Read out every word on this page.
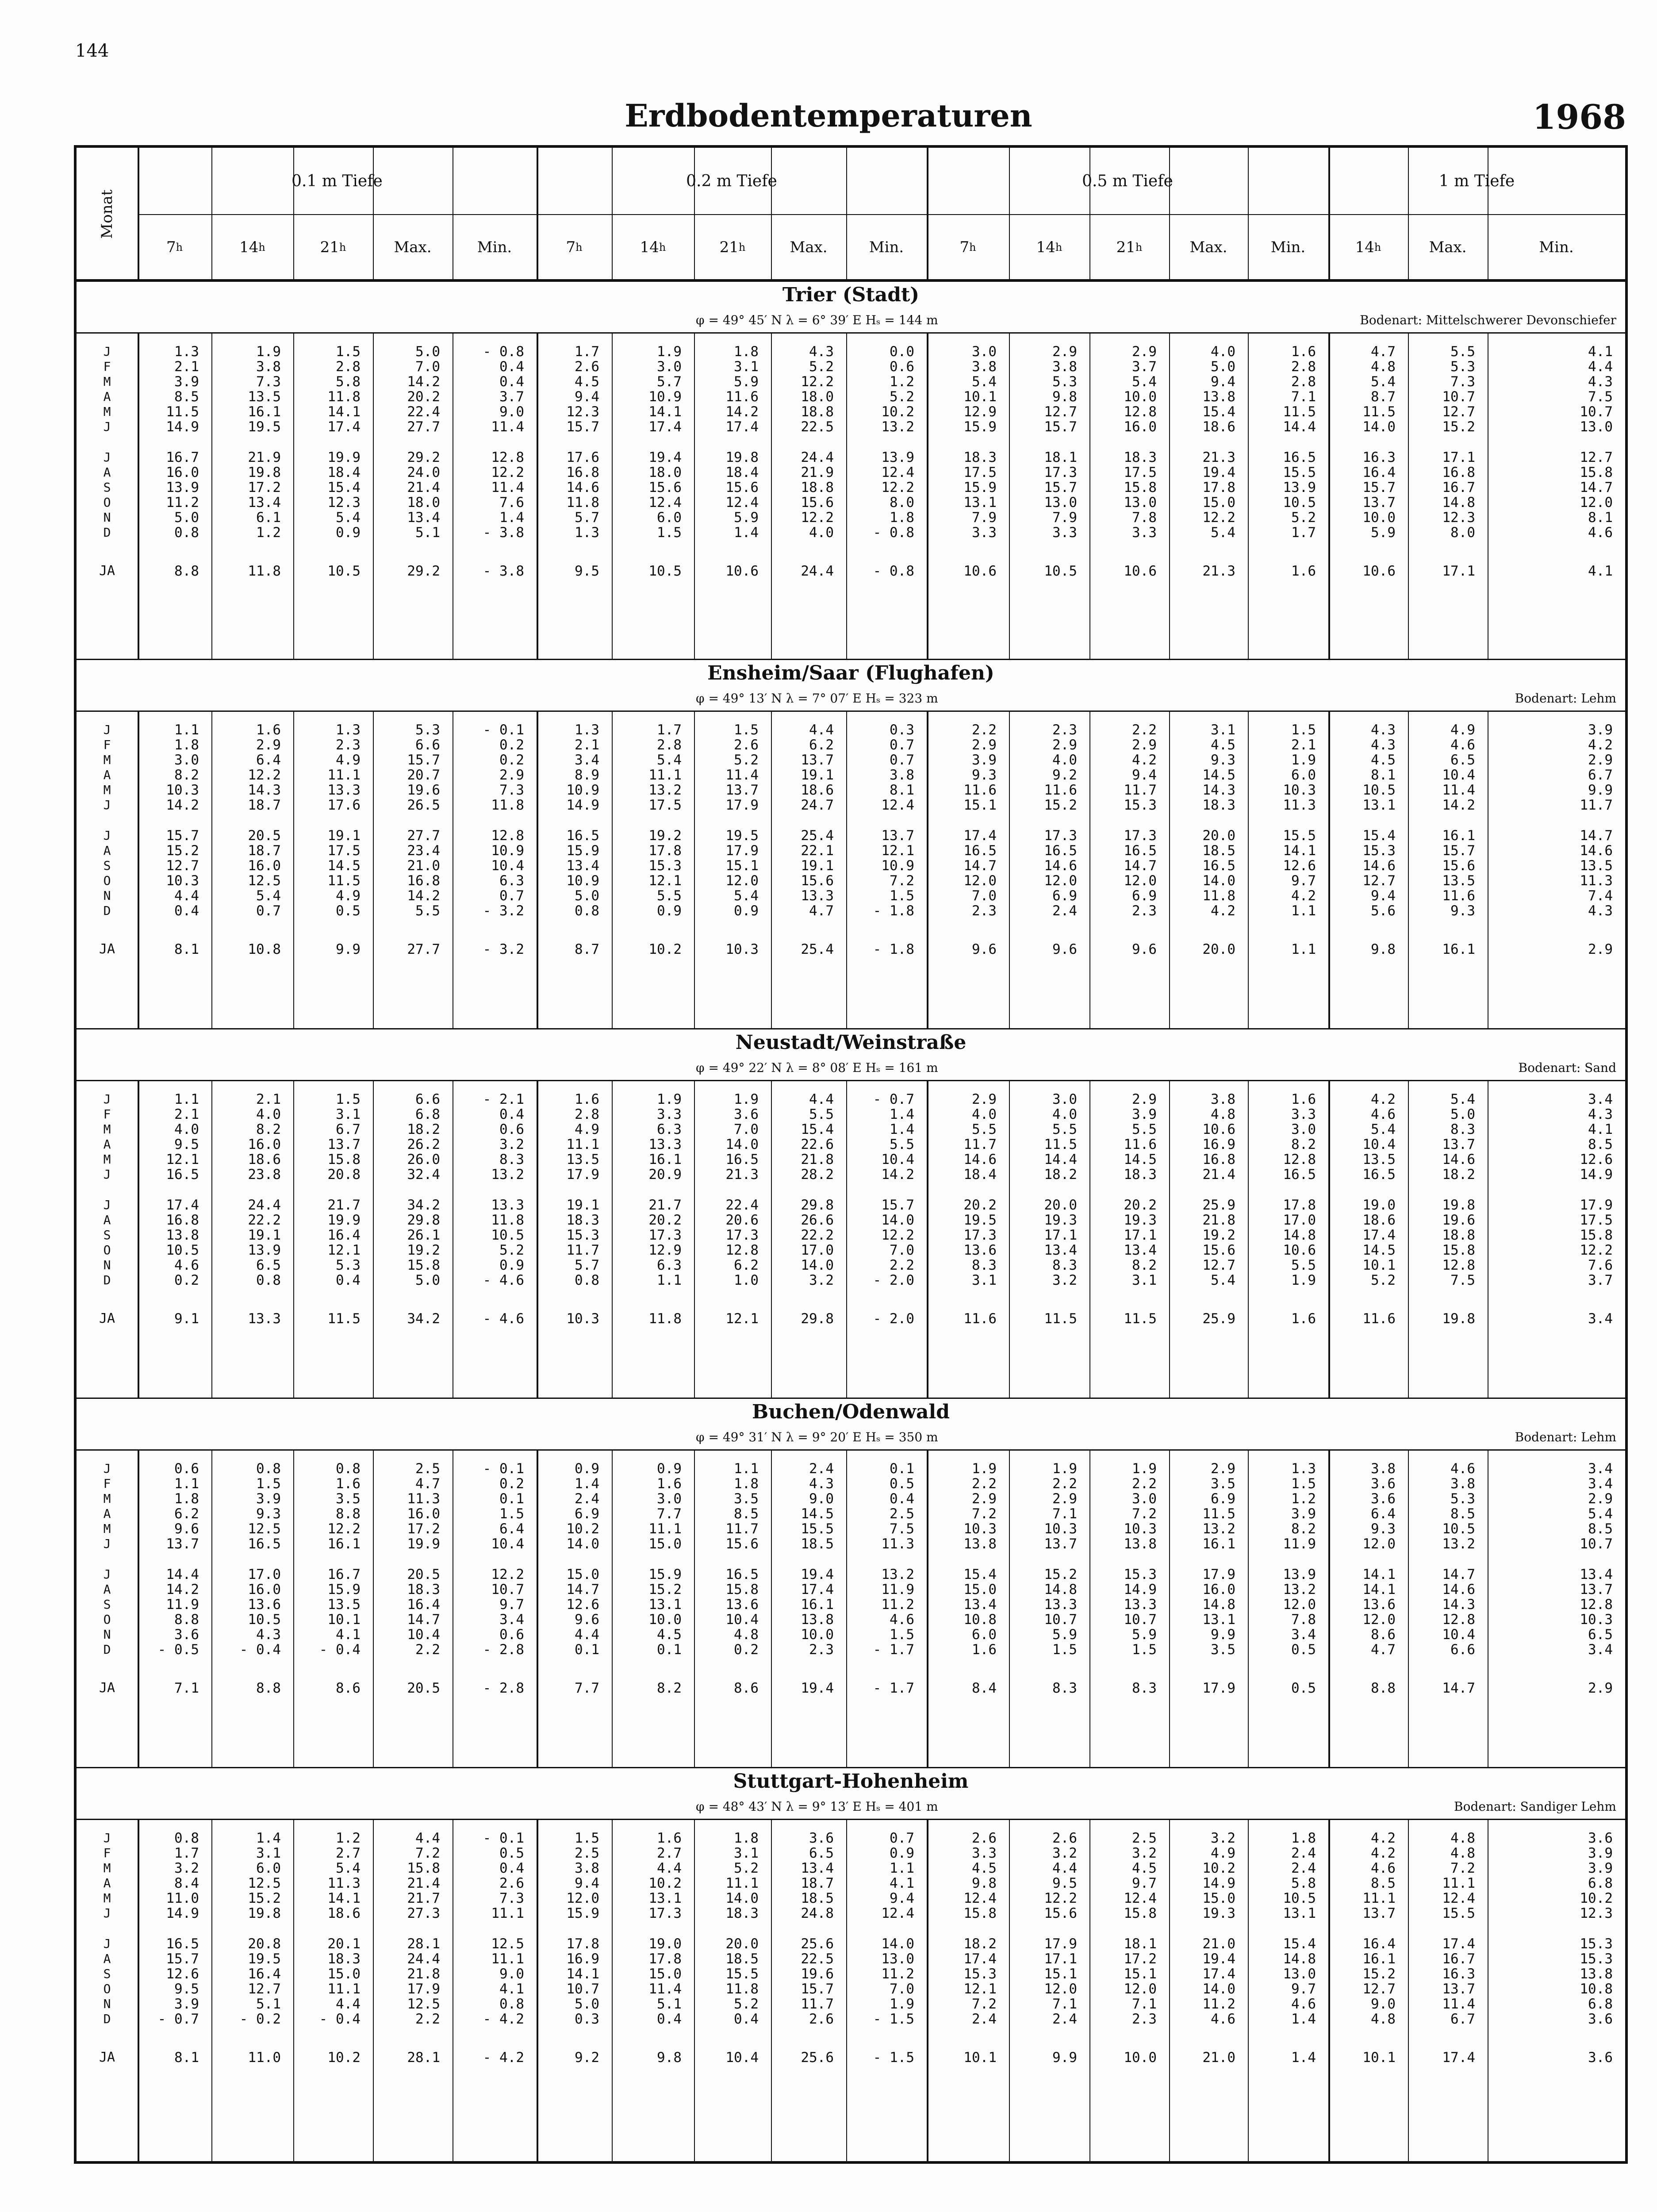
144
Erdbodentemperaturen	1968
Monat
0.1 m Tiefe	0.2 m Tiefe	0.5 m Tiefe	1 m Tiefe
7 h	14 h	21 h	Max.	Min.	7 h	14 h	21 h	Max.	Min.	7 h	14 h	21 h	Max.	Min.	14 h	Max.	Min.
Trier (Stadt)
φ = 49° 45′ N λ = 6° 39′ E Hₛ = 144 m	Bodenart: Mittelschwerer Devonschiefer
J	1.3	1.9	1.5	5.0	- 0.8	1.7	1.9	1.8	4.3	0.0	3.0	2.9	2.9	4.0	1.6	4.7	5.5	4.1
F	2.1	3.8	2.8	7.0	0.4	2.6	3.0	3.1	5.2	0.6	3.8	3.8	3.7	5.0	2.8	4.8	5.3	4.4
M	3.9	7.3	5.8	14.2	0.4	4.5	5.7	5.9	12.2	1.2	5.4	5.3	5.4	9.4	2.8	5.4	7.3	4.3
A	8.5	13.5	11.8	20.2	3.7	9.4	10.9	11.6	18.0	5.2	10.1	9.8	10.0	13.8	7.1	8.7	10.7	7.5
M	11.5	16.1	14.1	22.4	9.0	12.3	14.1	14.2	18.8	10.2	12.9	12.7	12.8	15.4	11.5	11.5	12.7	10.7
J	14.9	19.5	17.4	27.7	11.4	15.7	17.4	17.4	22.5	13.2	15.9	15.7	16.0	18.6	14.4	14.0	15.2	13.0
J	16.7	21.9	19.9	29.2	12.8	17.6	19.4	19.8	24.4	13.9	18.3	18.1	18.3	21.3	16.5	16.3	17.1	12.7
A	16.0	19.8	18.4	24.0	12.2	16.8	18.0	18.4	21.9	12.4	17.5	17.3	17.5	19.4	15.5	16.4	16.8	15.8
S	13.9	17.2	15.4	21.4	11.4	14.6	15.6	15.6	18.8	12.2	15.9	15.7	15.8	17.8	13.9	15.7	16.7	14.7
O	11.2	13.4	12.3	18.0	7.6	11.8	12.4	12.4	15.6	8.0	13.1	13.0	13.0	15.0	10.5	13.7	14.8	12.0
N	5.0	6.1	5.4	13.4	1.4	5.7	6.0	5.9	12.2	1.8	7.9	7.9	7.8	12.2	5.2	10.0	12.3	8.1
D	0.8	1.2	0.9	5.1	- 3.8	1.3	1.5	1.4	4.0	- 0.8	3.3	3.3	3.3	5.4	1.7	5.9	8.0	4.6
JA	8.8	11.8	10.5	29.2	- 3.8	9.5	10.5	10.6	24.4	- 0.8	10.6	10.5	10.6	21.3	1.6	10.6	17.1	4.1
Ensheim/Saar (Flughafen)
φ = 49° 13′ N λ = 7° 07′ E Hₛ = 323 m	Bodenart: Lehm
J	1.1	1.6	1.3	5.3	- 0.1	1.3	1.7	1.5	4.4	0.3	2.2	2.3	2.2	3.1	1.5	4.3	4.9	3.9
F	1.8	2.9	2.3	6.6	0.2	2.1	2.8	2.6	6.2	0.7	2.9	2.9	2.9	4.5	2.1	4.3	4.6	4.2
M	3.0	6.4	4.9	15.7	0.2	3.4	5.4	5.2	13.7	0.7	3.9	4.0	4.2	9.3	1.9	4.5	6.5	2.9
A	8.2	12.2	11.1	20.7	2.9	8.9	11.1	11.4	19.1	3.8	9.3	9.2	9.4	14.5	6.0	8.1	10.4	6.7
M	10.3	14.3	13.3	19.6	7.3	10.9	13.2	13.7	18.6	8.1	11.6	11.6	11.7	14.3	10.3	10.5	11.4	9.9
J	14.2	18.7	17.6	26.5	11.8	14.9	17.5	17.9	24.7	12.4	15.1	15.2	15.3	18.3	11.3	13.1	14.2	11.7
J	15.7	20.5	19.1	27.7	12.8	16.5	19.2	19.5	25.4	13.7	17.4	17.3	17.3	20.0	15.5	15.4	16.1	14.7
A	15.2	18.7	17.5	23.4	10.9	15.9	17.8	17.9	22.1	12.1	16.5	16.5	16.5	18.5	14.1	15.3	15.7	14.6
S	12.7	16.0	14.5	21.0	10.4	13.4	15.3	15.1	19.1	10.9	14.7	14.6	14.7	16.5	12.6	14.6	15.6	13.5
O	10.3	12.5	11.5	16.8	6.3	10.9	12.1	12.0	15.6	7.2	12.0	12.0	12.0	14.0	9.7	12.7	13.5	11.3
N	4.4	5.4	4.9	14.2	0.7	5.0	5.5	5.4	13.3	1.5	7.0	6.9	6.9	11.8	4.2	9.4	11.6	7.4
D	0.4	0.7	0.5	5.5	- 3.2	0.8	0.9	0.9	4.7	- 1.8	2.3	2.4	2.3	4.2	1.1	5.6	9.3	4.3
JA	8.1	10.8	9.9	27.7	- 3.2	8.7	10.2	10.3	25.4	- 1.8	9.6	9.6	9.6	20.0	1.1	9.8	16.1	2.9
Neustadt/Weinstraße
φ = 49° 22′ N λ = 8° 08′ E Hₛ = 161 m	Bodenart: Sand
J	1.1	2.1	1.5	6.6	- 2.1	1.6	1.9	1.9	4.4	- 0.7	2.9	3.0	2.9	3.8	1.6	4.2	5.4	3.4
F	2.1	4.0	3.1	6.8	0.4	2.8	3.3	3.6	5.5	1.4	4.0	4.0	3.9	4.8	3.3	4.6	5.0	4.3
M	4.0	8.2	6.7	18.2	0.6	4.9	6.3	7.0	15.4	1.4	5.5	5.5	5.5	10.6	3.0	5.4	8.3	4.1
A	9.5	16.0	13.7	26.2	3.2	11.1	13.3	14.0	22.6	5.5	11.7	11.5	11.6	16.9	8.2	10.4	13.7	8.5
M	12.1	18.6	15.8	26.0	8.3	13.5	16.1	16.5	21.8	10.4	14.6	14.4	14.5	16.8	12.8	13.5	14.6	12.6
J	16.5	23.8	20.8	32.4	13.2	17.9	20.9	21.3	28.2	14.2	18.4	18.2	18.3	21.4	16.5	16.5	18.2	14.9
J	17.4	24.4	21.7	34.2	13.3	19.1	21.7	22.4	29.8	15.7	20.2	20.0	20.2	25.9	17.8	19.0	19.8	17.9
A	16.8	22.2	19.9	29.8	11.8	18.3	20.2	20.6	26.6	14.0	19.5	19.3	19.3	21.8	17.0	18.6	19.6	17.5
S	13.8	19.1	16.4	26.1	10.5	15.3	17.3	17.3	22.2	12.2	17.3	17.1	17.1	19.2	14.8	17.4	18.8	15.8
O	10.5	13.9	12.1	19.2	5.2	11.7	12.9	12.8	17.0	7.0	13.6	13.4	13.4	15.6	10.6	14.5	15.8	12.2
N	4.6	6.5	5.3	15.8	0.9	5.7	6.3	6.2	14.0	2.2	8.3	8.3	8.2	12.7	5.5	10.1	12.8	7.6
D	0.2	0.8	0.4	5.0	- 4.6	0.8	1.1	1.0	3.2	- 2.0	3.1	3.2	3.1	5.4	1.9	5.2	7.5	3.7
JA	9.1	13.3	11.5	34.2	- 4.6	10.3	11.8	12.1	29.8	- 2.0	11.6	11.5	11.5	25.9	1.6	11.6	19.8	3.4
Buchen/Odenwald
φ = 49° 31′ N λ = 9° 20′ E Hₛ = 350 m	Bodenart: Lehm
J	0.6	0.8	0.8	2.5	- 0.1	0.9	0.9	1.1	2.4	0.1	1.9	1.9	1.9	2.9	1.3	3.8	4.6	3.4
F	1.1	1.5	1.6	4.7	0.2	1.4	1.6	1.8	4.3	0.5	2.2	2.2	2.2	3.5	1.5	3.6	3.8	3.4
M	1.8	3.9	3.5	11.3	0.1	2.4	3.0	3.5	9.0	0.4	2.9	2.9	3.0	6.9	1.2	3.6	5.3	2.9
A	6.2	9.3	8.8	16.0	1.5	6.9	7.7	8.5	14.5	2.5	7.2	7.1	7.2	11.5	3.9	6.4	8.5	5.4
M	9.6	12.5	12.2	17.2	6.4	10.2	11.1	11.7	15.5	7.5	10.3	10.3	10.3	13.2	8.2	9.3	10.5	8.5
J	13.7	16.5	16.1	19.9	10.4	14.0	15.0	15.6	18.5	11.3	13.8	13.7	13.8	16.1	11.9	12.0	13.2	10.7
J	14.4	17.0	16.7	20.5	12.2	15.0	15.9	16.5	19.4	13.2	15.4	15.2	15.3	17.9	13.9	14.1	14.7	13.4
A	14.2	16.0	15.9	18.3	10.7	14.7	15.2	15.8	17.4	11.9	15.0	14.8	14.9	16.0	13.2	14.1	14.6	13.7
S	11.9	13.6	13.5	16.4	9.7	12.6	13.1	13.6	16.1	11.2	13.4	13.3	13.3	14.8	12.0	13.6	14.3	12.8
O	8.8	10.5	10.1	14.7	3.4	9.6	10.0	10.4	13.8	4.6	10.8	10.7	10.7	13.1	7.8	12.0	12.8	10.3
N	3.6	4.3	4.1	10.4	0.6	4.4	4.5	4.8	10.0	1.5	6.0	5.9	5.9	9.9	3.4	8.6	10.4	6.5
D	- 0.5	- 0.4	- 0.4	2.2	- 2.8	0.1	0.1	0.2	2.3	- 1.7	1.6	1.5	1.5	3.5	0.5	4.7	6.6	3.4
JA	7.1	8.8	8.6	20.5	- 2.8	7.7	8.2	8.6	19.4	- 1.7	8.4	8.3	8.3	17.9	0.5	8.8	14.7	2.9
Stuttgart-Hohenheim
φ = 48° 43′ N λ = 9° 13′ E Hₛ = 401 m	Bodenart: Sandiger Lehm
J	0.8	1.4	1.2	4.4	- 0.1	1.5	1.6	1.8	3.6	0.7	2.6	2.6	2.5	3.2	1.8	4.2	4.8	3.6
F	1.7	3.1	2.7	7.2	0.5	2.5	2.7	3.1	6.5	0.9	3.3	3.2	3.2	4.9	2.4	4.2	4.8	3.9
M	3.2	6.0	5.4	15.8	0.4	3.8	4.4	5.2	13.4	1.1	4.5	4.4	4.5	10.2	2.4	4.6	7.2	3.9
A	8.4	12.5	11.3	21.4	2.6	9.4	10.2	11.1	18.7	4.1	9.8	9.5	9.7	14.9	5.8	8.5	11.1	6.8
M	11.0	15.2	14.1	21.7	7.3	12.0	13.1	14.0	18.5	9.4	12.4	12.2	12.4	15.0	10.5	11.1	12.4	10.2
J	14.9	19.8	18.6	27.3	11.1	15.9	17.3	18.3	24.8	12.4	15.8	15.6	15.8	19.3	13.1	13.7	15.5	12.3
J	16.5	20.8	20.1	28.1	12.5	17.8	19.0	20.0	25.6	14.0	18.2	17.9	18.1	21.0	15.4	16.4	17.4	15.3
A	15.7	19.5	18.3	24.4	11.1	16.9	17.8	18.5	22.5	13.0	17.4	17.1	17.2	19.4	14.8	16.1	16.7	15.3
S	12.6	16.4	15.0	21.8	9.0	14.1	15.0	15.5	19.6	11.2	15.3	15.1	15.1	17.4	13.0	15.2	16.3	13.8
O	9.5	12.7	11.1	17.9	4.1	10.7	11.4	11.8	15.7	7.0	12.1	12.0	12.0	14.0	9.7	12.7	13.7	10.8
N	3.9	5.1	4.4	12.5	0.8	5.0	5.1	5.2	11.7	1.9	7.2	7.1	7.1	11.2	4.6	9.0	11.4	6.8
D	- 0.7	- 0.2	- 0.4	2.2	- 4.2	0.3	0.4	0.4	2.6	- 1.5	2.4	2.4	2.3	4.6	1.4	4.8	6.7	3.6
JA	8.1	11.0	10.2	28.1	- 4.2	9.2	9.8	10.4	25.6	- 1.5	10.1	9.9	10.0	21.0	1.4	10.1	17.4	3.6
